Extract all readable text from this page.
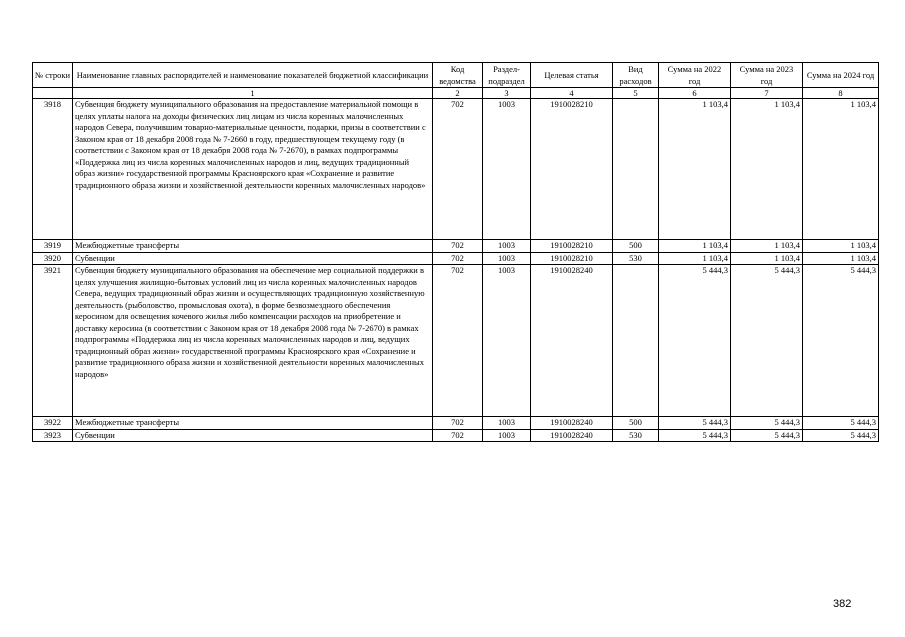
№ строки	Наименование главных распорядителей и наименование показателей бюджетной классификации	Код ведомства	Раздел-подраздел	Целевая статья	Вид расходов	Сумма на 2022 год	Сумма на 2023 год	Сумма на 2024 год
	1	2	3	4	5	6	7	8
3918	Субвенция бюджету муниципального образования на предоставление материальной помощи в целях уплаты налога на доходы физических лиц лицам из числа коренных малочисленных народов Севера, получившим товарно-материальные ценности, подарки, призы в соответствии с Законом края от 18 декабря 2008 года № 7-2660 в году, предшествующем текущему году (в соответствии с Законом края от 18 декабря 2008 года № 7-2670), в рамках подпрограммы «Поддержка лиц из числа коренных малочисленных народов и лиц, ведущих традиционный образ жизни» государственной программы Красноярского края «Сохранение и развитие традиционного образа жизни и хозяйственной деятельности коренных малочисленных народов»	702	1003	1910028210		1 103,4	1 103,4	1 103,4
3919	Межбюджетные трансферты	702	1003	1910028210	500	1 103,4	1 103,4	1 103,4
3920	Субвенции	702	1003	1910028210	530	1 103,4	1 103,4	1 103,4
3921	Субвенция бюджету муниципального образования на обеспечение мер социальной поддержки в целях улучшения жилищно-бытовых условий лиц из числа коренных малочисленных народов Севера, ведущих традиционный образ жизни и осуществляющих традиционную хозяйственную деятельность (рыболовство, промысловая охота), в форме безвозмездного обеспечения керосином для освещения кочевого жилья либо компенсации расходов на приобретение и доставку керосина (в соответствии с Законом края от 18 декабря 2008 года № 7-2670) в рамках подпрограммы «Поддержка лиц из числа коренных малочисленных народов и лиц, ведущих традиционный образ жизни» государственной программы Красноярского края «Сохранение и развитие традиционного образа жизни и хозяйственной деятельности коренных малочисленных народов»	702	1003	1910028240		5 444,3	5 444,3	5 444,3
3922	Межбюджетные трансферты	702	1003	1910028240	500	5 444,3	5 444,3	5 444,3
3923	Субвенции	702	1003	1910028240	530	5 444,3	5 444,3	5 444,3
382
